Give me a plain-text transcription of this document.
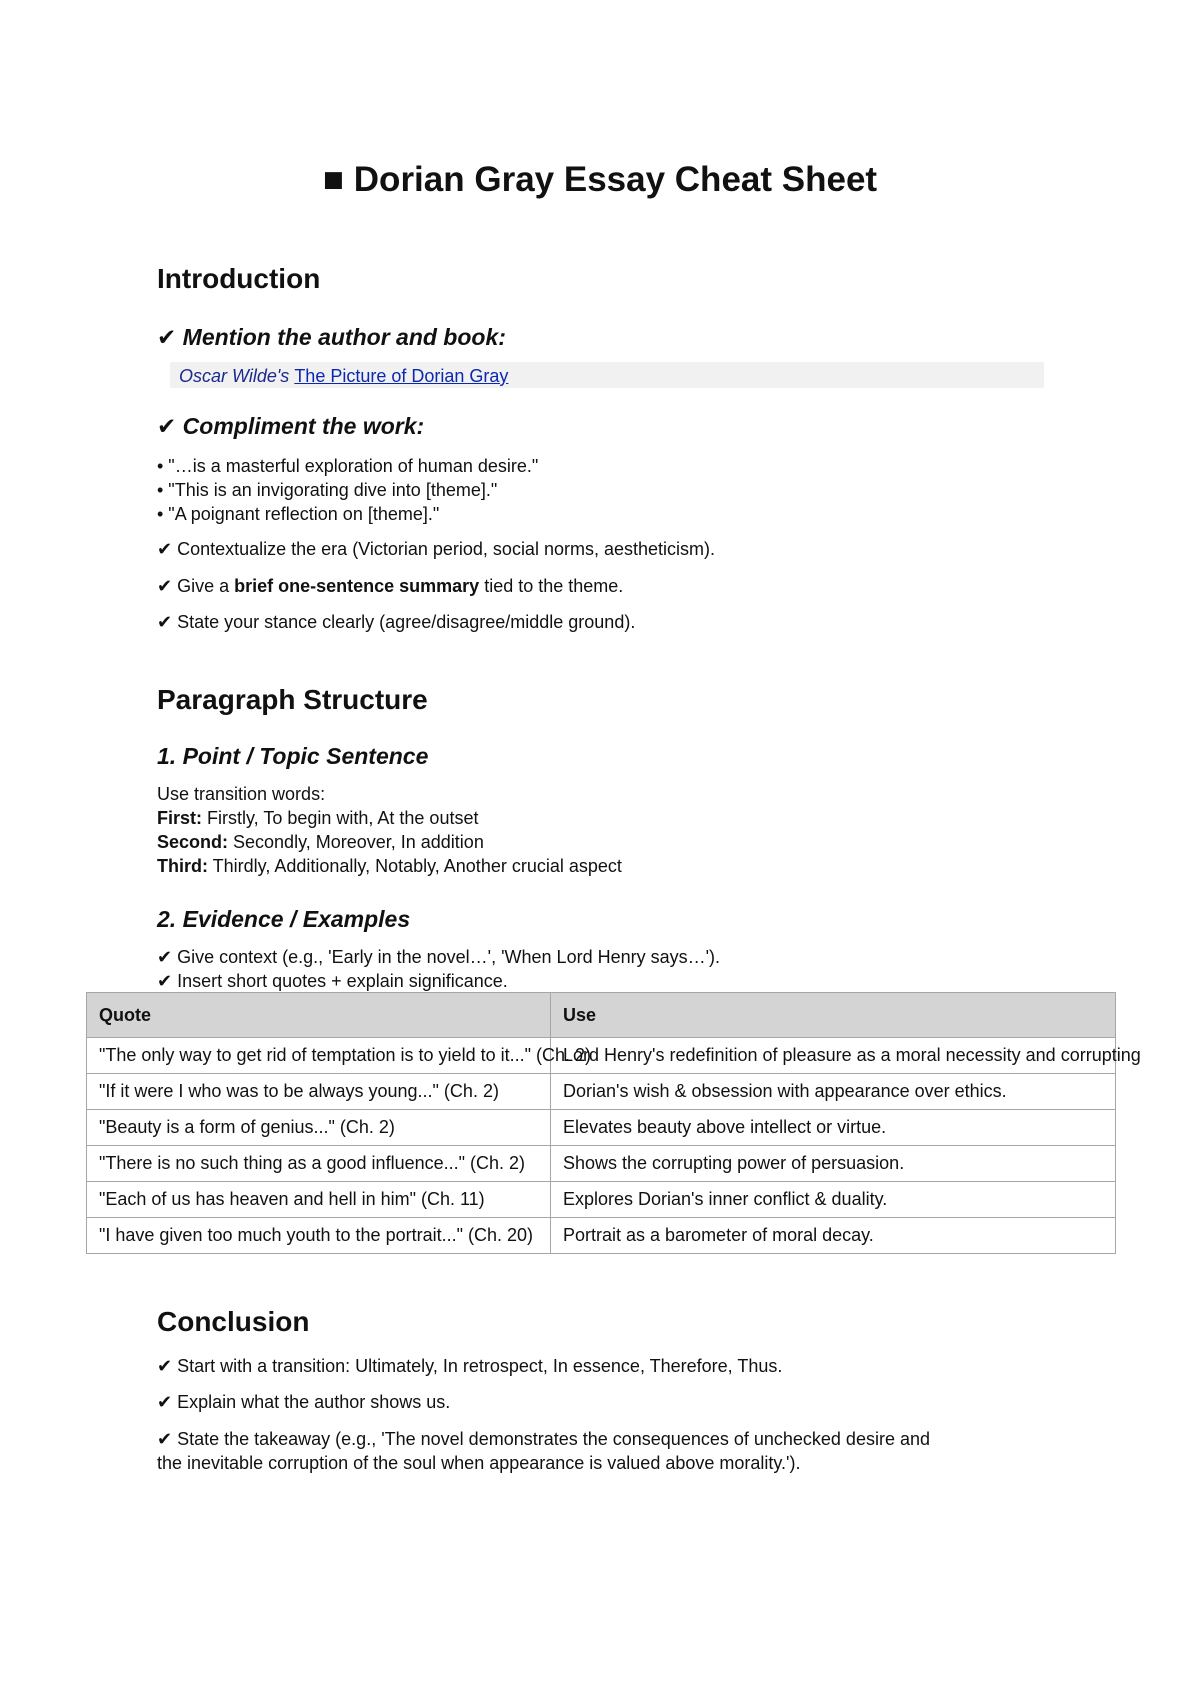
■ Dorian Gray Essay Cheat Sheet
Introduction
✔ Mention the author and book:
Oscar Wilde's The Picture of Dorian Gray
✔ Compliment the work:

• "…is a masterful exploration of human desire."

• "This is an invigorating dive into [theme]."

• "A poignant reflection on [theme]."

✔ Contextualize the era (Victorian period, social norms, aestheticism).

✔ Give a brief one-sentence summary tied to the theme.

✔ State your stance clearly (agree/disagree/middle ground).

Paragraph Structure
1. Point / Topic Sentence

Use transition words:

First: Firstly, To begin with, At the outset

Second: Secondly, Moreover, In addition

Third: Thirdly, Additionally, Notably, Another crucial aspect

2. Evidence / Examples

✔ Give context (e.g., 'Early in the novel…', 'When Lord Henry says…').

✔ Insert short quotes + explain significance.

Quote	Use
"The only way to get rid of temptation is to yield to it..." (Ch. 2)	Lord Henry's redefinition of pleasure as a moral necessity and corrupting
"If it were I who was to be always young..." (Ch. 2)	Dorian's wish & obsession with appearance over ethics.
"Beauty is a form of genius..." (Ch. 2)	Elevates beauty above intellect or virtue.
"There is no such thing as a good influence..." (Ch. 2)	Shows the corrupting power of persuasion.
"Each of us has heaven and hell in him" (Ch. 11)	Explores Dorian's inner conflict & duality.
"I have given too much youth to the portrait..." (Ch. 20)	Portrait as a barometer of moral decay.
Conclusion

✔ Start with a transition: Ultimately, In retrospect, In essence, Therefore, Thus.

✔ Explain what the author shows us.

✔ State the takeaway (e.g., 'The novel demonstrates the consequences of unchecked desire and

the inevitable corruption of the soul when appearance is valued above morality.').
